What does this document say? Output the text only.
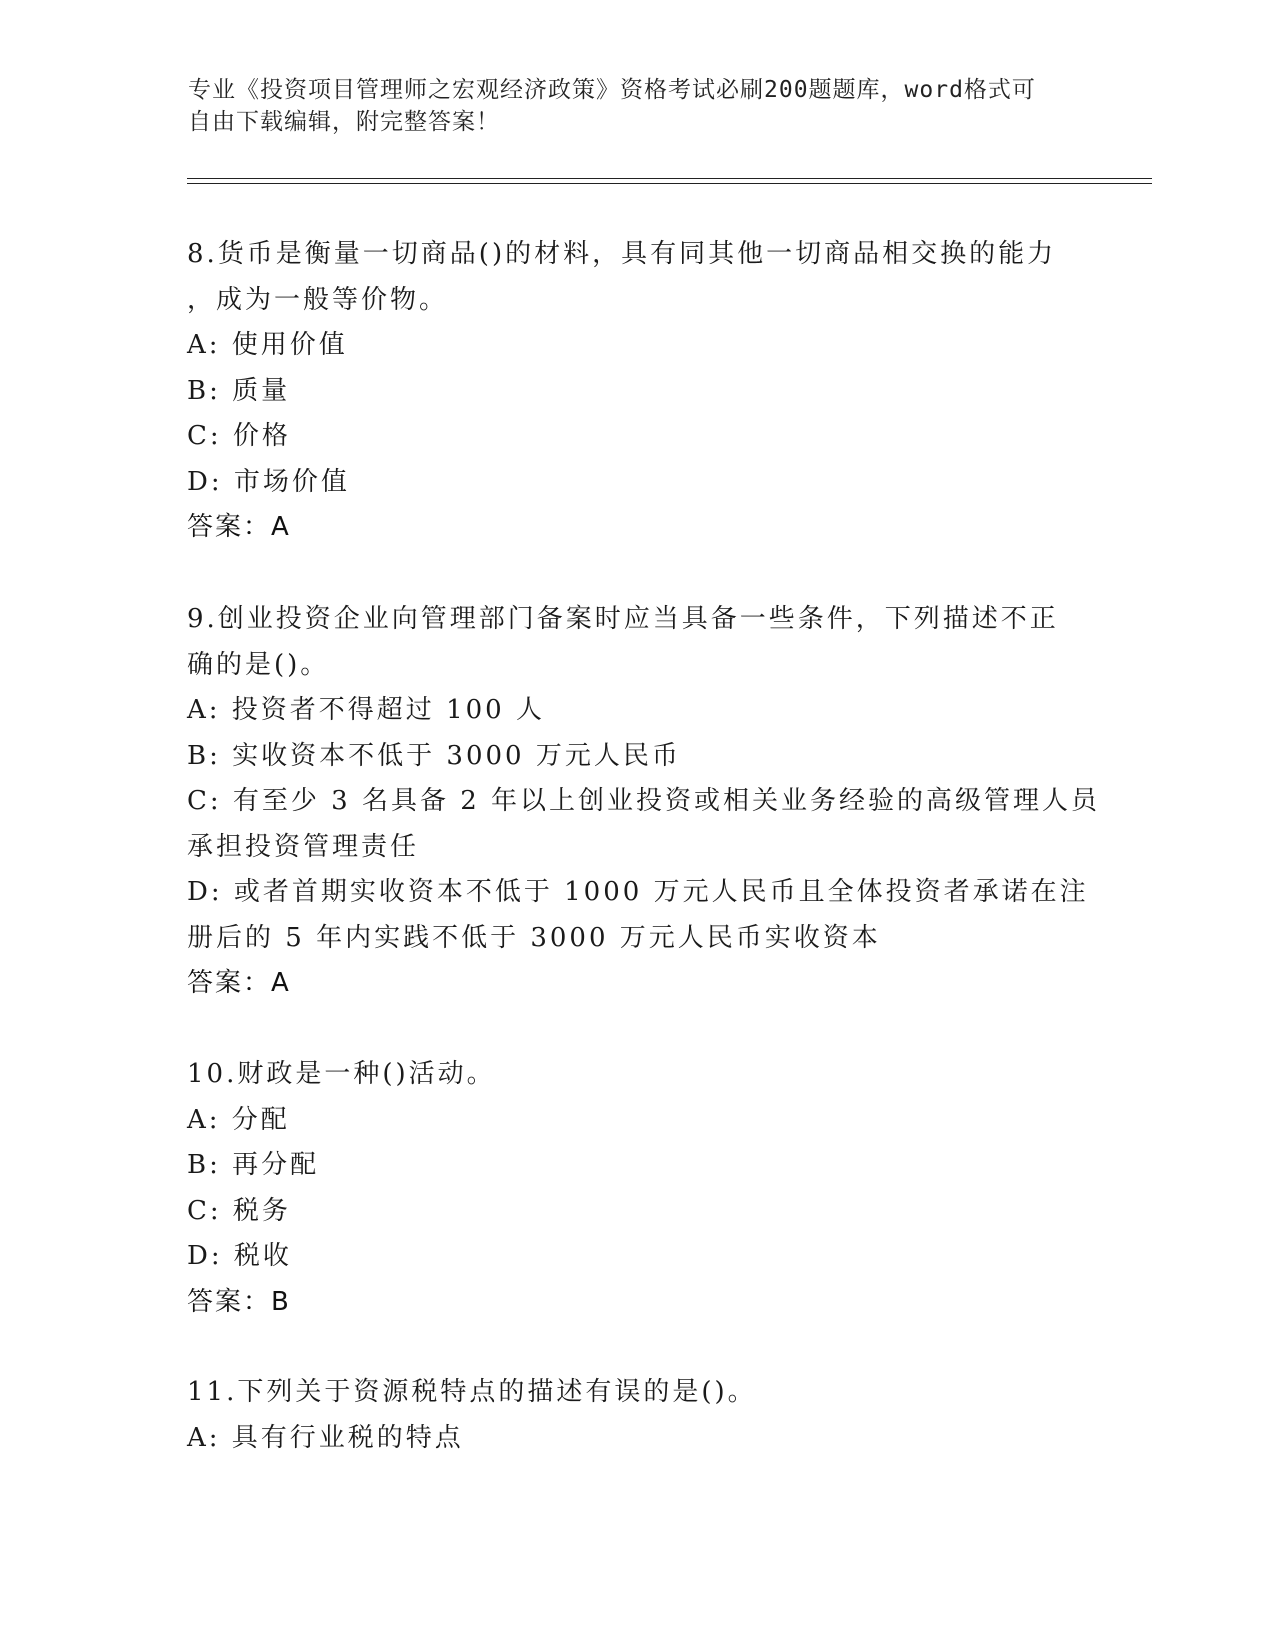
专业《投资项目管理师之宏观经济政策》资格考试必刷200题题库，word格式可
自由下载编辑，附完整答案！
8.货币是衡量一切商品()的材料，具有同其他一切商品相交换的能力
，成为一般等价物。
A: 使用价值
B: 质量
C: 价格
D: 市场价值
答案：A
9.创业投资企业向管理部门备案时应当具备一些条件，下列描述不正
确的是()。
A: 投资者不得超过 100 人
B: 实收资本不低于 3000 万元人民币
C: 有至少 3 名具备 2 年以上创业投资或相关业务经验的高级管理人员
承担投资管理责任
D: 或者首期实收资本不低于 1000 万元人民币且全体投资者承诺在注
册后的 5 年内实践不低于 3000 万元人民币实收资本
答案：A
10.财政是一种()活动。
A: 分配
B: 再分配
C: 税务
D: 税收
答案：B
11.下列关于资源税特点的描述有误的是()。
A: 具有行业税的特点
